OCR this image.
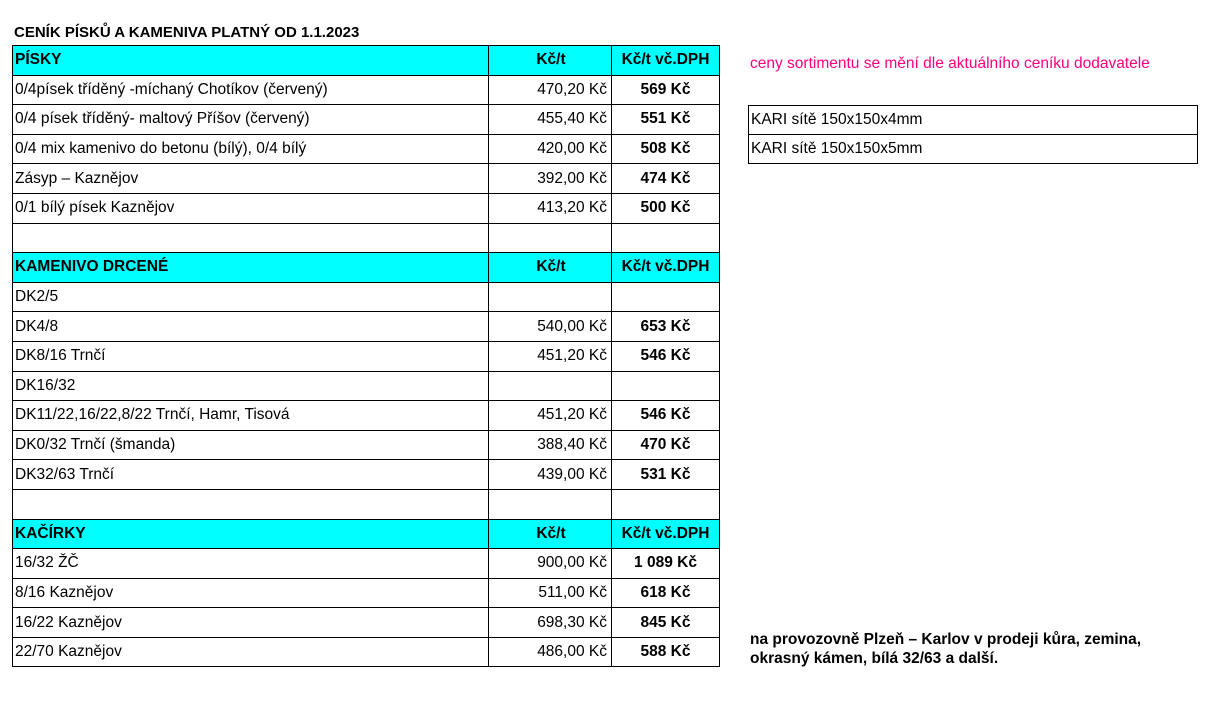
CENÍK PÍSKŮ A KAMENIVA PLATNÝ OD 1.1.2023
PÍSKY	Kč/t	Kč/t vč.DPH
0/4písek tříděný -míchaný Chotíkov (červený)	470,20 Kč	569 Kč
0/4 písek tříděný- maltový Příšov (červený)	455,40 Kč	551 Kč
0/4 mix kamenivo do betonu (bílý), 0/4 bílý	420,00 Kč	508 Kč
Zásyp – Kaznějov	392,00 Kč	474 Kč
0/1 bílý písek Kaznějov	413,20 Kč	500 Kč

KAMENIVO DRCENÉ	Kč/t	Kč/t vč.DPH
DK2/5		
DK4/8	540,00 Kč	653 Kč
DK8/16 Trnčí	451,20 Kč	546 Kč
DK16/32		
DK11/22,16/22,8/22 Trnčí, Hamr, Tisová	451,20 Kč	546 Kč
DK0/32 Trnčí (šmanda)	388,40 Kč	470 Kč
DK32/63 Trnčí	439,00 Kč	531 Kč

KAČÍRKY	Kč/t	Kč/t vč.DPH
16/32 ŽČ	900,00 Kč	1 089 Kč
8/16 Kaznějov	511,00 Kč	618 Kč
16/22 Kaznějov	698,30 Kč	845 Kč
22/70 Kaznějov	486,00 Kč	588 Kč
ceny sortimentu se mění dle aktuálního ceníku dodavatele
KARI sítě 150x150x4mm
KARI sítě 150x150x5mm
na provozovně Plzeň – Karlov v prodeji kůra, zemina,
okrasný kámen, bílá 32/63 a další.
